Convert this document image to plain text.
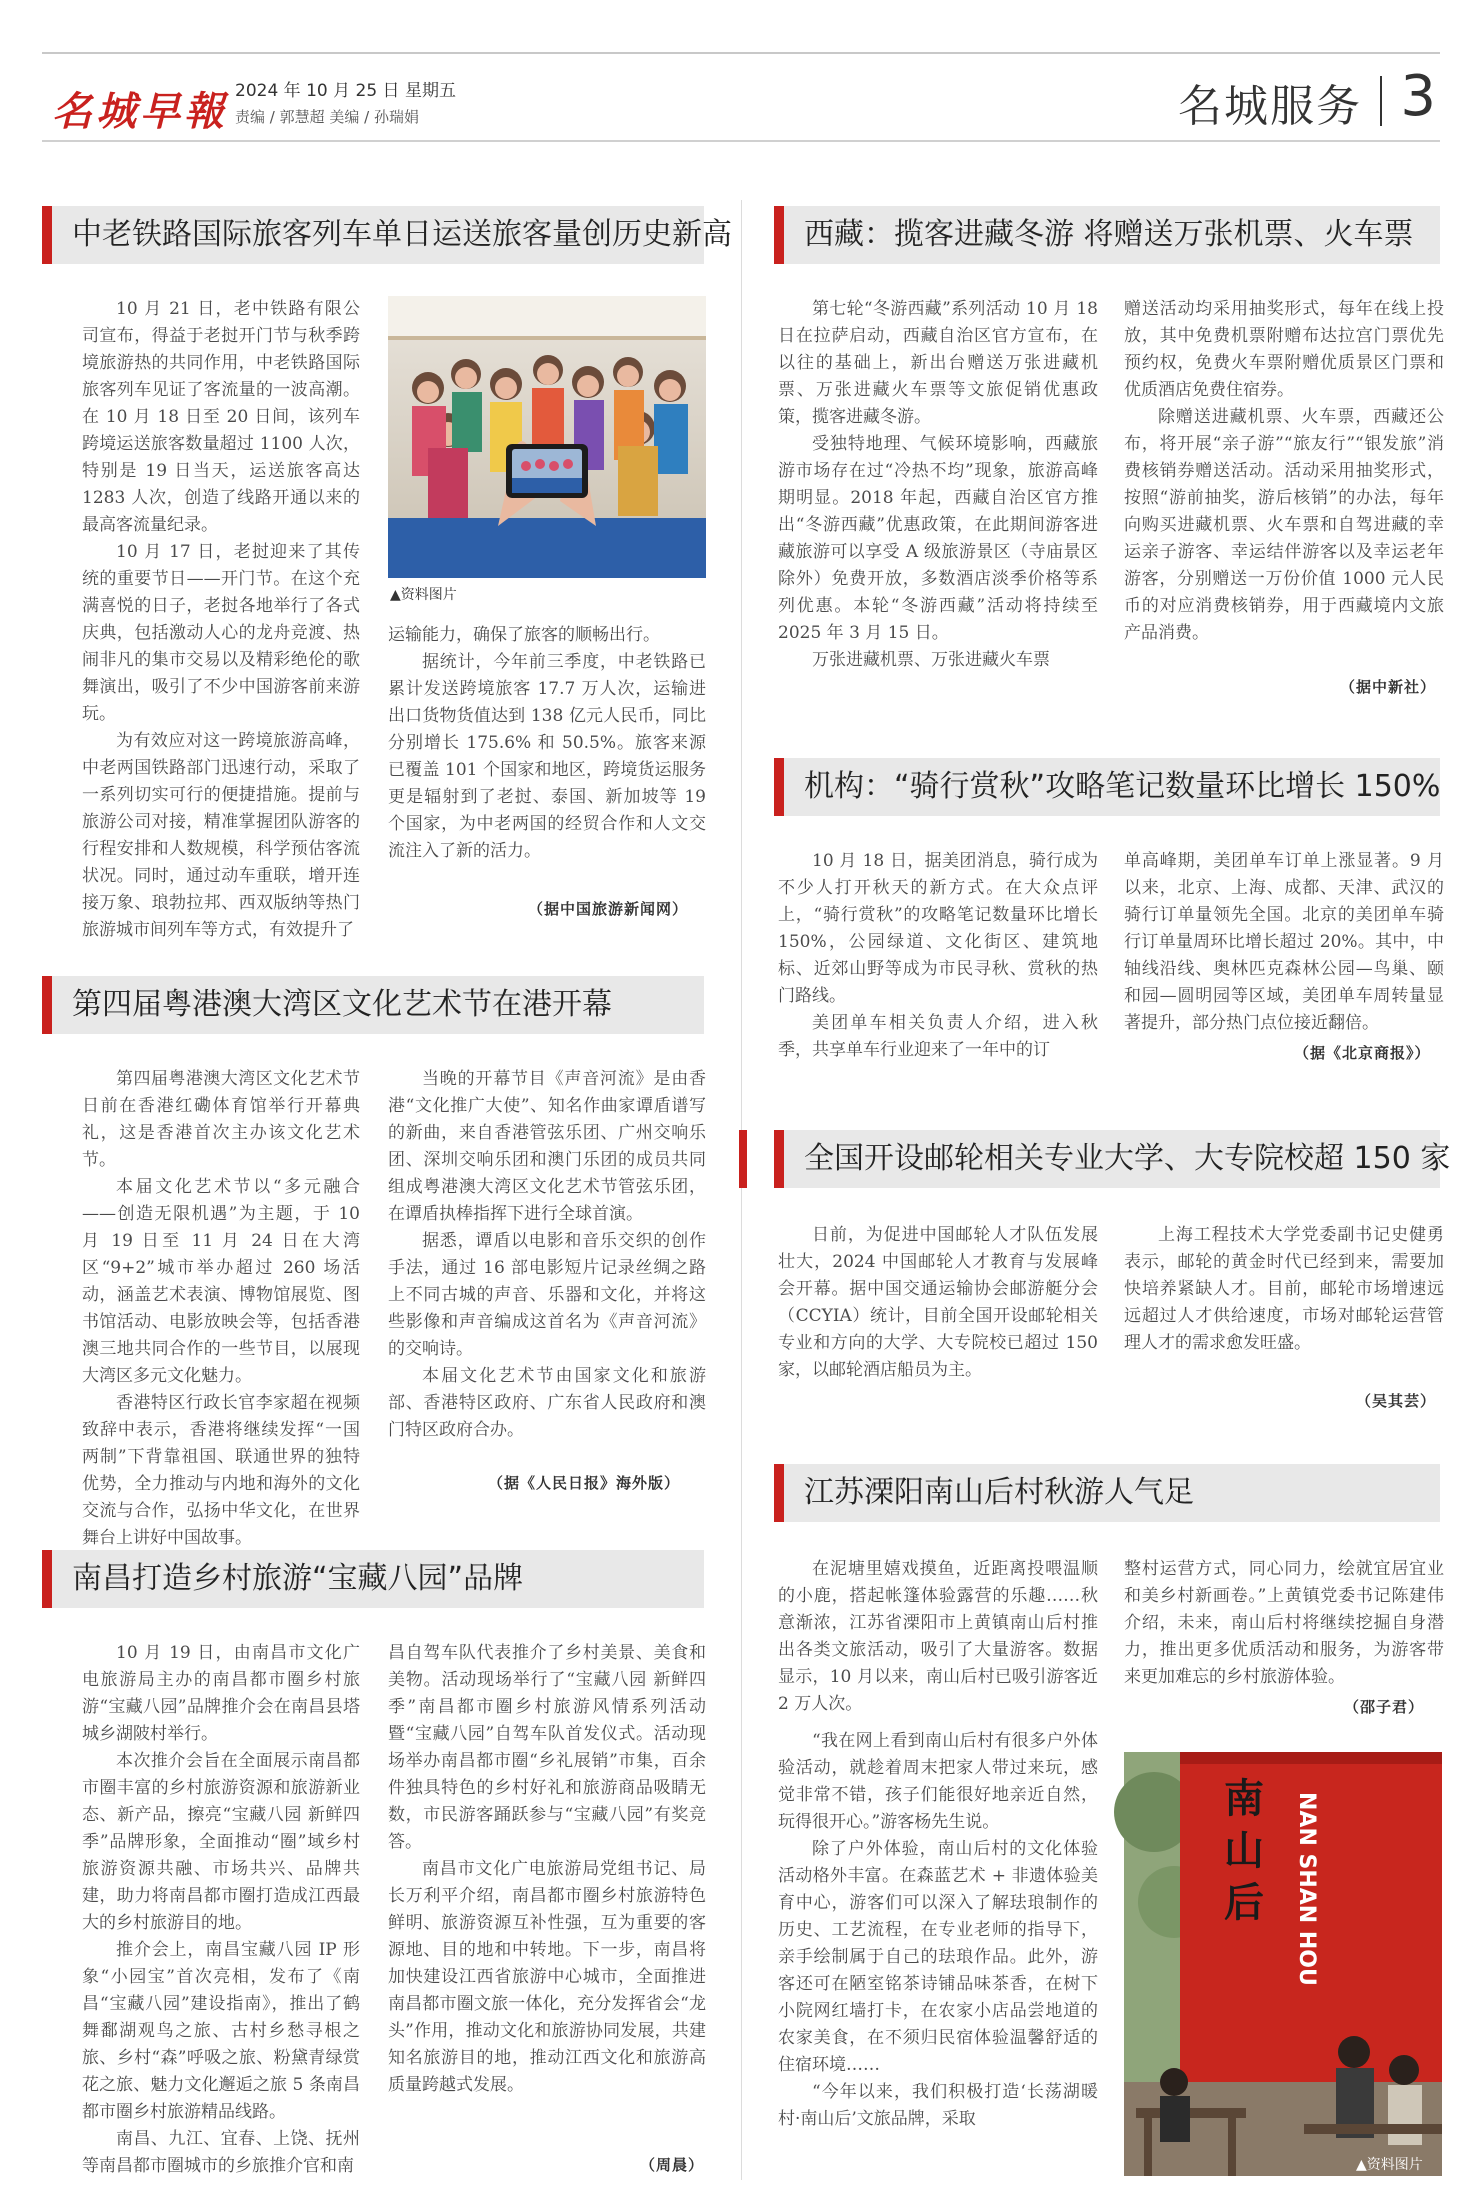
名城早報 2024 年 10 月 25 日 星期五
责编 / 郭慧超 美编 / 孙瑞娟	名城服务 3
中老铁路国际旅客列车单日运送旅客量创历史新高

10 月 21 日，老中铁路有限公司宣布，得益于老挝开门节与秋季跨境旅游热的共同作用，中老铁路国际旅客列车见证了客流量的一波高潮。在 10 月 18 日至 20 日间，该列车跨境运送旅客数量超过 1100 人次，特别是 19 日当天，运送旅客高达 1283 人次，创造了线路开通以来的最高客流量纪录。

10 月 17 日，老挝迎来了其传统的重要节日——开门节。在这个充满喜悦的日子，老挝各地举行了各式庆典，包括激动人心的龙舟竞渡、热闹非凡的集市交易以及精彩绝伦的歌舞演出，吸引了不少中国游客前来游玩。

为有效应对这一跨境旅游高峰，中老两国铁路部门迅速行动，采取了一系列切实可行的便捷措施。提前与旅游公司对接，精准掌握团队游客的行程安排和人数规模，科学预估客流状况。同时，通过动车重联，增开连接万象、琅勃拉邦、西双版纳等热门旅游城市间列车等方式，有效提升了

▲资料图片

运输能力，确保了旅客的顺畅出行。

据统计，今年前三季度，中老铁路已累计发送跨境旅客 17.7 万人次，运输进出口货物货值达到 138 亿元人民币，同比分别增长 175.6% 和 50.5%。旅客来源已覆盖 101 个国家和地区，跨境货运服务更是辐射到了老挝、泰国、新加坡等 19 个国家，为中老两国的经贸合作和人文交流注入了新的活力。

（据中国旅游新闻网）
第四届粤港澳大湾区文化艺术节在港开幕

第四届粤港澳大湾区文化艺术节日前在香港红磡体育馆举行开幕典礼，这是香港首次主办该文化艺术节。

本届文化艺术节以“多元融合——创造无限机遇”为主题，于 10 月 19 日至 11 月 24 日在大湾区“9+2”城市举办超过 260 场活动，涵盖艺术表演、博物馆展览、图书馆活动、电影放映会等，包括香港澳三地共同合作的一些节目，以展现大湾区多元文化魅力。

香港特区行政长官李家超在视频致辞中表示，香港将继续发挥“一国两制”下背靠祖国、联通世界的独特优势，全力推动与内地和海外的文化交流与合作，弘扬中华文化，在世界舞台上讲好中国故事。

当晚的开幕节目《声音河流》是由香港“文化推广大使”、知名作曲家谭盾谱写的新曲，来自香港管弦乐团、广州交响乐团、深圳交响乐团和澳门乐团的成员共同组成粤港澳大湾区文化艺术节管弦乐团，在谭盾执棒指挥下进行全球首演。

据悉，谭盾以电影和音乐交织的创作手法，通过 16 部电影短片记录丝绸之路上不同古城的声音、乐器和文化，并将这些影像和声音编成这首名为《声音河流》的交响诗。

本届文化艺术节由国家文化和旅游部、香港特区政府、广东省人民政府和澳门特区政府合办。

（据《人民日报》海外版）
南昌打造乡村旅游“宝藏八园”品牌

10 月 19 日，由南昌市文化广电旅游局主办的南昌都市圈乡村旅游“宝藏八园”品牌推介会在南昌县塔城乡湖陂村举行。

本次推介会旨在全面展示南昌都市圈丰富的乡村旅游资源和旅游新业态、新产品，擦亮“宝藏八园 新鲜四季”品牌形象，全面推动“圈”域乡村旅游资源共融、市场共兴、品牌共建，助力将南昌都市圈打造成江西最大的乡村旅游目的地。

推介会上，南昌宝藏八园 IP 形象“小园宝”首次亮相，发布了《南昌“宝藏八园”建设指南》，推出了鹤舞鄱湖观鸟之旅、古村乡愁寻根之旅、乡村“森”呼吸之旅、粉黛青绿赏花之旅、魅力文化邂逅之旅 5 条南昌都市圈乡村旅游精品线路。

南昌、九江、宜春、上饶、抚州等南昌都市圈城市的乡旅推介官和南

昌自驾车队代表推介了乡村美景、美食和美物。活动现场举行了“宝藏八园 新鲜四季”南昌都市圈乡村旅游风情系列活动暨“宝藏八园”自驾车队首发仪式。活动现场举办南昌都市圈“乡礼展销”市集，百余件独具特色的乡村好礼和旅游商品吸睛无数，市民游客踊跃参与“宝藏八园”有奖竞答。

南昌市文化广电旅游局党组书记、局长万利平介绍，南昌都市圈乡村旅游特色鲜明、旅游资源互补性强，互为重要的客源地、目的地和中转地。下一步，南昌将加快建设江西省旅游中心城市，全面推进南昌都市圈文旅一体化，充分发挥省会“龙头”作用，推动文化和旅游协同发展，共建知名旅游目的地，推动江西文化和旅游高质量跨越式发展。

（周晨）
西藏：揽客进藏冬游 将赠送万张机票、火车票

第七轮“冬游西藏”系列活动 10 月 18 日在拉萨启动，西藏自治区官方宣布，在以往的基础上，新出台赠送万张进藏机票、万张进藏火车票等文旅促销优惠政策，揽客进藏冬游。

受独特地理、气候环境影响，西藏旅游市场存在过“冷热不均”现象，旅游高峰期明显。2018 年起，西藏自治区官方推出“冬游西藏”优惠政策，在此期间游客进藏旅游可以享受 A 级旅游景区（寺庙景区除外）免费开放，多数酒店淡季价格等系列优惠。本轮“冬游西藏”活动将持续至 2025 年 3 月 15 日。

万张进藏机票、万张进藏火车票

赠送活动均采用抽奖形式，每年在线上投放，其中免费机票附赠布达拉宫门票优先预约权，免费火车票附赠优质景区门票和优质酒店免费住宿券。

除赠送进藏机票、火车票，西藏还公布，将开展“亲子游”“旅友行”“银发旅”消费核销券赠送活动。活动采用抽奖形式，按照“游前抽奖，游后核销”的办法，每年向购买进藏机票、火车票和自驾进藏的幸运亲子游客、幸运结伴游客以及幸运老年游客，分别赠送一万份价值 1000 元人民币的对应消费核销券，用于西藏境内文旅产品消费。

（据中新社）
机构：“骑行赏秋”攻略笔记数量环比增长 150%

10 月 18 日，据美团消息，骑行成为不少人打开秋天的新方式。在大众点评上，“骑行赏秋”的攻略笔记数量环比增长 150%，公园绿道、文化街区、建筑地标、近郊山野等成为市民寻秋、赏秋的热门路线。

美团单车相关负责人介绍，进入秋季，共享单车行业迎来了一年中的订

单高峰期，美团单车订单上涨显著。9 月以来，北京、上海、成都、天津、武汉的骑行订单量领先全国。北京的美团单车骑行订单量周环比增长超过 20%。其中，中轴线沿线、奥林匹克森林公园—鸟巢、颐和园—圆明园等区域，美团单车周转量显著提升，部分热门点位接近翻倍。

（据《北京商报》）
全国开设邮轮相关专业大学、大专院校超 150 家

日前，为促进中国邮轮人才队伍发展壮大，2024 中国邮轮人才教育与发展峰会开幕。据中国交通运输协会邮游艇分会（CCYIA）统计，目前全国开设邮轮相关专业和方向的大学、大专院校已超过 150 家，以邮轮酒店船员为主。

上海工程技术大学党委副书记史健勇表示，邮轮的黄金时代已经到来，需要加快培养紧缺人才。目前，邮轮市场增速远远超过人才供给速度，市场对邮轮运营管理人才的需求愈发旺盛。

（吴其芸）
江苏溧阳南山后村秋游人气足

在泥塘里嬉戏摸鱼，近距离投喂温顺的小鹿，搭起帐篷体验露营的乐趣……秋意渐浓，江苏省溧阳市上黄镇南山后村推出各类文旅活动，吸引了大量游客。数据显示，10 月以来，南山后村已吸引游客近 2 万人次。

整村运营方式，同心同力，绘就宜居宜业和美乡村新画卷。”上黄镇党委书记陈建伟介绍，未来，南山后村将继续挖掘自身潜力，推出更多优质活动和服务，为游客带来更加难忘的乡村旅游体验。

（邵子君）

“我在网上看到南山后村有很多户外体验活动，就趁着周末把家人带过来玩，感觉非常不错，孩子们能很好地亲近自然，玩得很开心。”游客杨先生说。

除了户外体验，南山后村的文化体验活动格外丰富。在森蓝艺术 + 非遗体验美育中心，游客们可以深入了解珐琅制作的历史、工艺流程，在专业老师的指导下，亲手绘制属于自己的珐琅作品。此外，游客还可在陋室铭茶诗铺品味茶香，在树下小院网红墙打卡，在农家小店品尝地道的农家美食，在不须归民宿体验温馨舒适的住宿环境……

“今年以来，我们积极打造‘长荡湖暖村·南山后’文旅品牌，采取

南
山
后 NAN SHAN HOU
▲资料图片
